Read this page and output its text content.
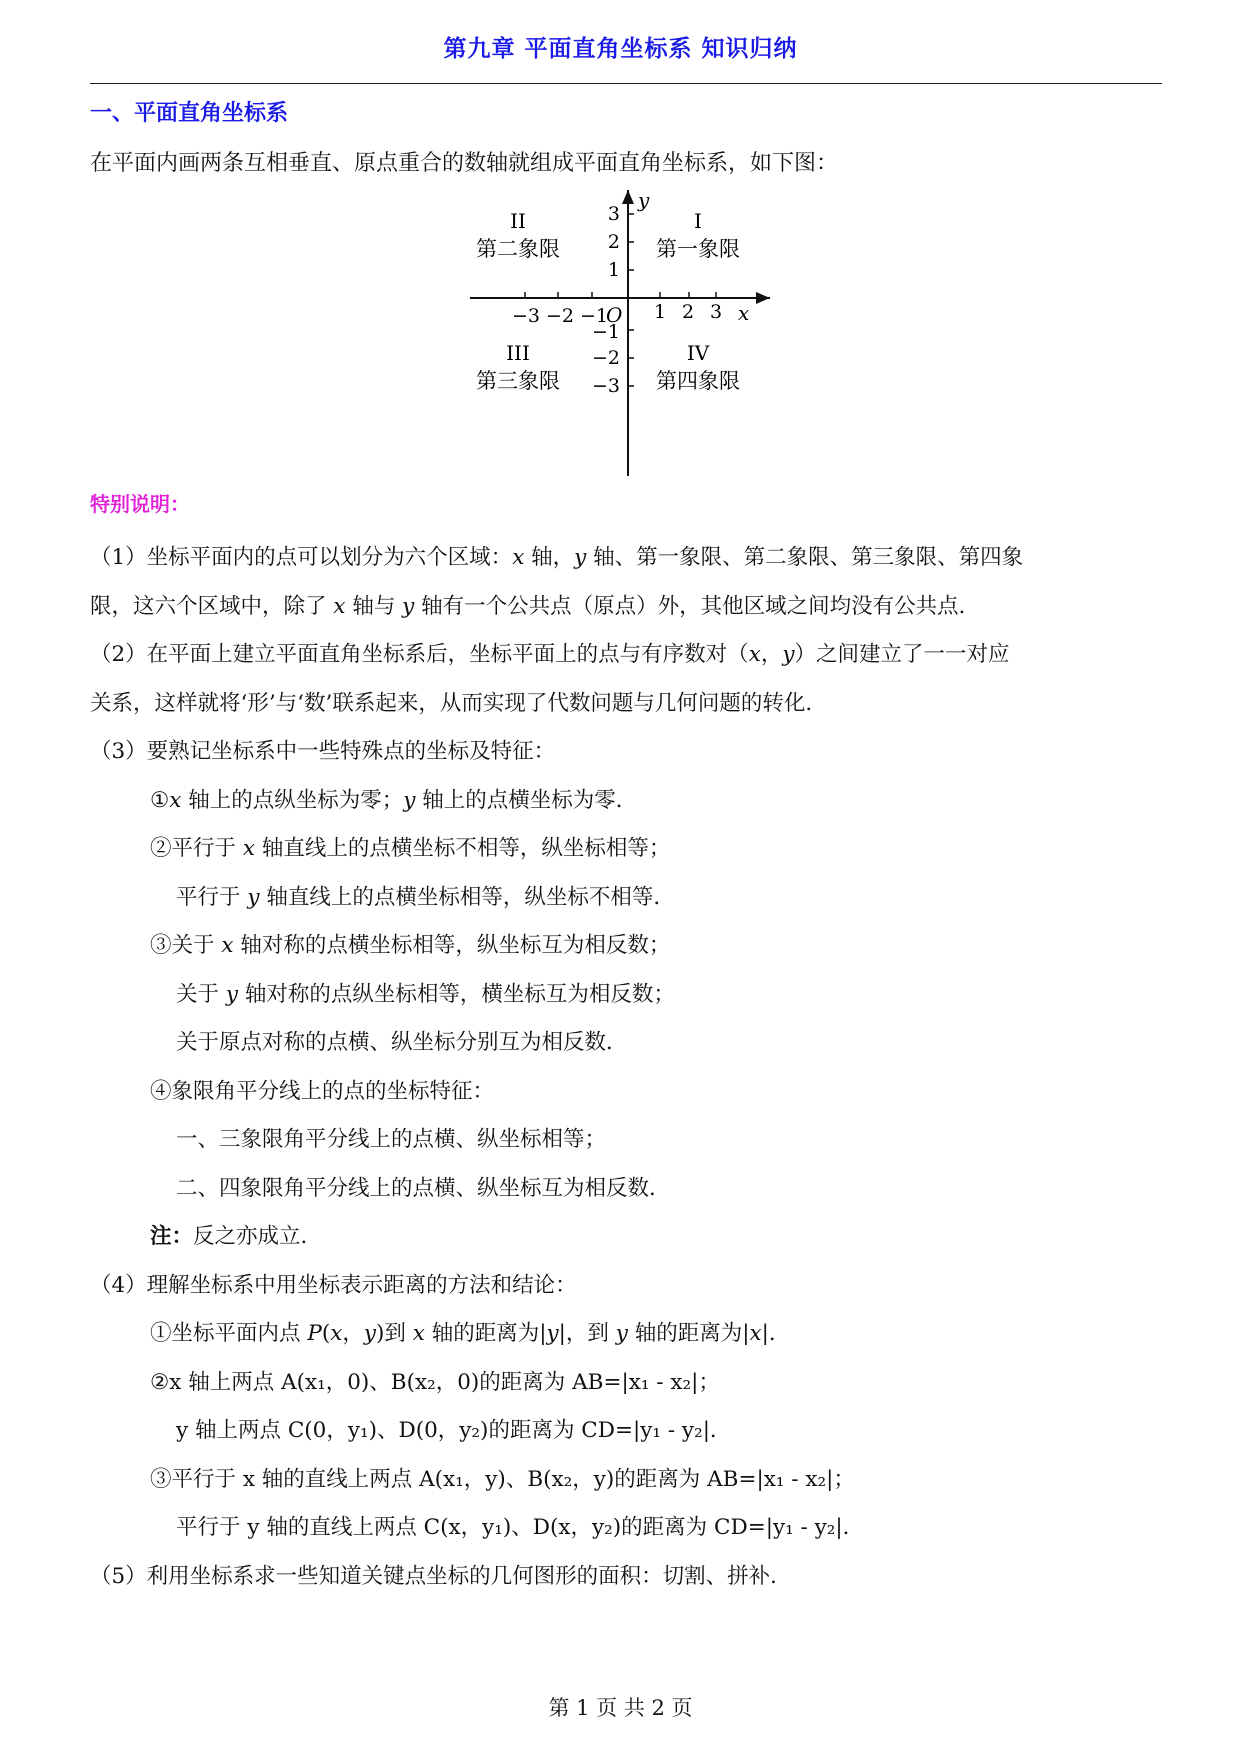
第九章 平面直角坐标系 知识归纳
一、平面直角坐标系
在平面内画两条互相垂直、原点重合的数轴就组成平面直角坐标系，如下图：
y
x
O
−3 −2 −1 1 2 3
3
2
1
−1
−2
−3
II
第二象限
I
第一象限
III
第三象限
IV
第四象限
特别说明：
（1）坐标平面内的点可以划分为六个区域：x 轴，y 轴、第一象限、第二象限、第三象限、第四象
限，这六个区域中，除了 x 轴与 y 轴有一个公共点（原点）外，其他区域之间均没有公共点．
（2）在平面上建立平面直角坐标系后，坐标平面上的点与有序数对（x，y）之间建立了一一对应
关系，这样就将‘形’与‘数’联系起来，从而实现了代数问题与几何问题的转化．
（3）要熟记坐标系中一些特殊点的坐标及特征：
①x 轴上的点纵坐标为零；y 轴上的点横坐标为零．
②平行于 x 轴直线上的点横坐标不相等，纵坐标相等；
平行于 y 轴直线上的点横坐标相等，纵坐标不相等．
③关于 x 轴对称的点横坐标相等，纵坐标互为相反数；
关于 y 轴对称的点纵坐标相等，横坐标互为相反数；
关于原点对称的点横、纵坐标分别互为相反数．
④象限角平分线上的点的坐标特征：
一、三象限角平分线上的点横、纵坐标相等；
二、四象限角平分线上的点横、纵坐标互为相反数．
注：反之亦成立．
（4）理解坐标系中用坐标表示距离的方法和结论：
①坐标平面内点 P(x，y)到 x 轴的距离为|y|，到 y 轴的距离为|x|．
②x 轴上两点 A(x₁，0)、B(x₂，0)的距离为 AB=|x₁ - x₂|；
y 轴上两点 C(0，y₁)、D(0，y₂)的距离为 CD=|y₁ - y₂|．
③平行于 x 轴的直线上两点 A(x₁，y)、B(x₂，y)的距离为 AB=|x₁ - x₂|；
平行于 y 轴的直线上两点 C(x，y₁)、D(x，y₂)的距离为 CD=|y₁ - y₂|．
（5）利用坐标系求一些知道关键点坐标的几何图形的面积：切割、拼补．
第 1 页 共 2 页
